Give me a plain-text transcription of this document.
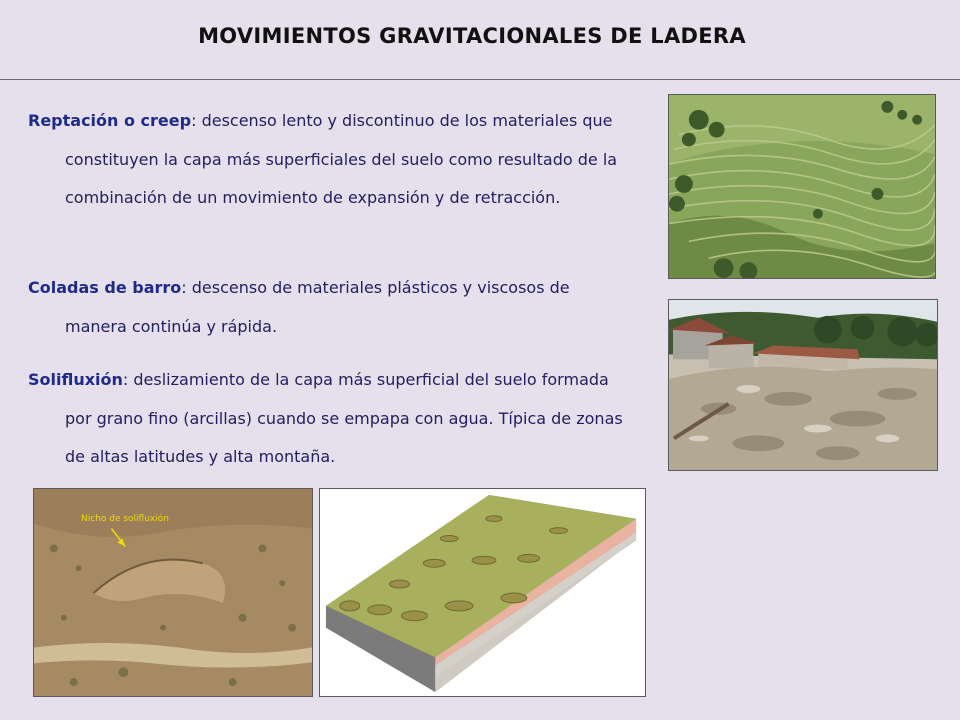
MOVIMIENTOS GRAVITACIONALES DE LADERA

Reptación o creep: descenso lento y discontinuo de los materiales que constituyen la capa más superficiales del suelo como resultado de la combinación de un movimiento de expansión y de retracción.

Coladas de barro: descenso de materiales plásticos y viscosos de manera continúa y rápida.

Solifluxión: deslizamiento de la capa más superficial del suelo formada por grano fino (arcillas) cuando se empapa con agua. Típica de zonas de altas latitudes y alta montaña.

Nicho de solifluxión
